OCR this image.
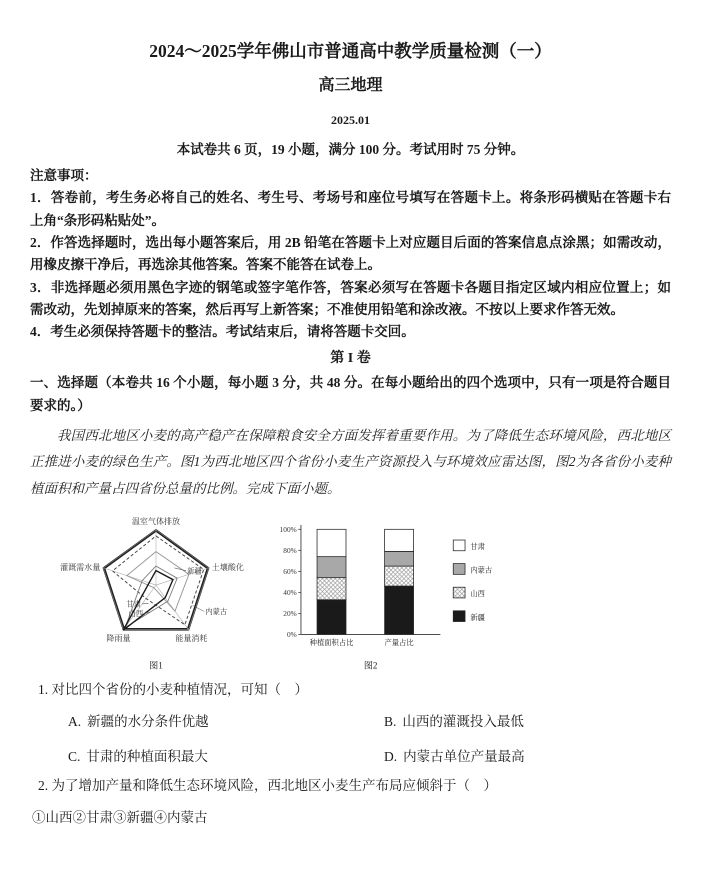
2024～2025学年佛山市普通高中教学质量检测（一）
高三地理
2025.01
本试卷共 6 页，19 小题，满分 100 分。考试用时 75 分钟。
注意事项：

1．答卷前，考生务必将自己的姓名、考生号、考场号和座位号填写在答题卡上。将条形码横贴在答题卡右上角“条形码粘贴处”。

2．作答选择题时，选出每小题答案后，用 2B 铅笔在答题卡上对应题目后面的答案信息点涂黑；如需改动，用橡皮擦干净后，再选涂其他答案。答案不能答在试卷上。

3．非选择题必须用黑色字迹的钢笔或签字笔作答，答案必须写在答题卡各题目指定区域内相应位置上；如需改动，先划掉原来的答案，然后再写上新答案；不准使用铅笔和涂改液。不按以上要求作答无效。

4．考生必须保持答题卡的整洁。考试结束后，请将答题卡交回。

第 I 卷

一、选择题（本卷共 16 个小题，每小题 3 分，共 48 分。在每小题给出的四个选项中，只有一项是符合题目要求的。）

我国西北地区小麦的高产稳产在保障粮食安全方面发挥着重要作用。为了降低生态环境风险，西北地区正推进小麦的绿色生产。图1为西北地区四个省份小麦生产资源投入与环境效应雷达图，图2为各省份小麦种植面积和产量占四省份总量的比例。完成下面小题。

温室气体排放
土壤酸化
能量消耗
降雨量
灌溉需水量
内蒙古
新疆
甘肃
山西
图1
0%
20%
40%
60%
80%
100%
种植面积占比	产量占比
甘肃
内蒙古
山西
新疆
图2
1. 对比四个省份的小麦种植情况，可知（　）
A. 新疆的水分条件优越	B. 山西的灌溉投入最低
C. 甘肃的种植面积最大	D. 内蒙古单位产量最高
2. 为了增加产量和降低生态环境风险，西北地区小麦生产布局应倾斜于（　）
①山西②甘肃③新疆④内蒙古
